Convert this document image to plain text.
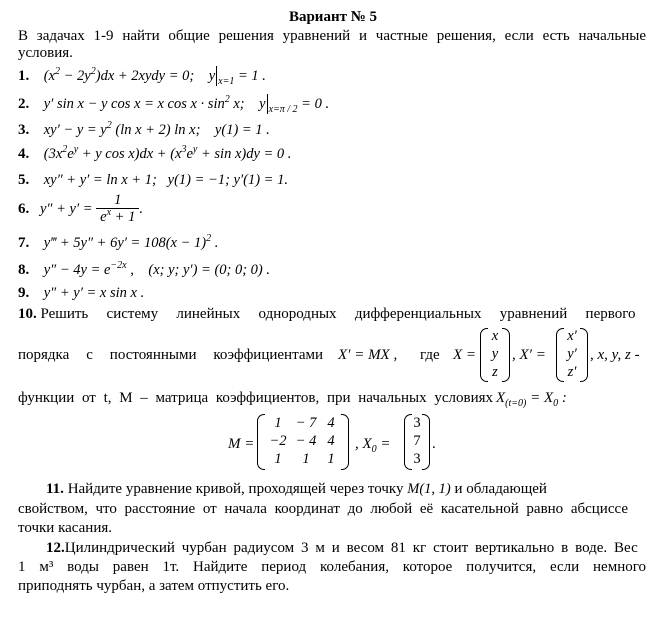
Вариант № 5
В задачах 1-9 найти общие решения уравнений и частные решения, если есть начальные
условия.
1. $(x^2 - 2y^2)dx$ + 2xydy = 0;    y $_{x=1}$ = 1 .
2. y′ sin x − y cos x = x $\cos x \cdot \sin^2 x$;    y $_{x=\pi / 2}$ = 0 .
3. $xy' - y = y^2$ (ln x + 2) ln x;    y(1) = 1 .
4. ($3x^2e^y + y$ $\cos x)dx + (x^3e^y + \sin x)dy = 0$ .
5. xy″ + y′ = ln x + 1;   y(1) = −1; y′(1) = 1.
6. $y'' + y' = \frac{1}{e^x + 1}$ .
7. y‴ + $5y'' + 6y' = 108(x - 1)^2$ .
8. $y'' - 4y = e^{-2x}$ ,    (x; y; y′) = (0; 0; 0) .
9. y″ + y′ = x sin x .
10. Решить систему линейных однородных дифференциальных уравнений первого
порядка с постоянными коэффициентами X′ = MX , где X =
x
y
z
, X′ =
x′
y′
z′
, x, y, z -
функции от t, M – матрица коэффициентов, при начальных условиях $X_{(t=0)} = X_0$ :
M =
1 − 7 4
−2 − 4 4
1	1	1
, $X_0$ =
3
7
3
.
11. Найдите уравнение кривой, проходящей через точку M(1, 1) и обладающей
свойством, что расстояние от начала координат до любой её касательной равно абсциссе
точки касания.
12.Цилиндрический чурбан радиусом 3 м и весом 81 кг стоит вертикально в воде. Вес
1 м³ воды равен 1т. Найдите период колебания, которое получится, если немного
приподнять чурбан, а затем отпустить его.
